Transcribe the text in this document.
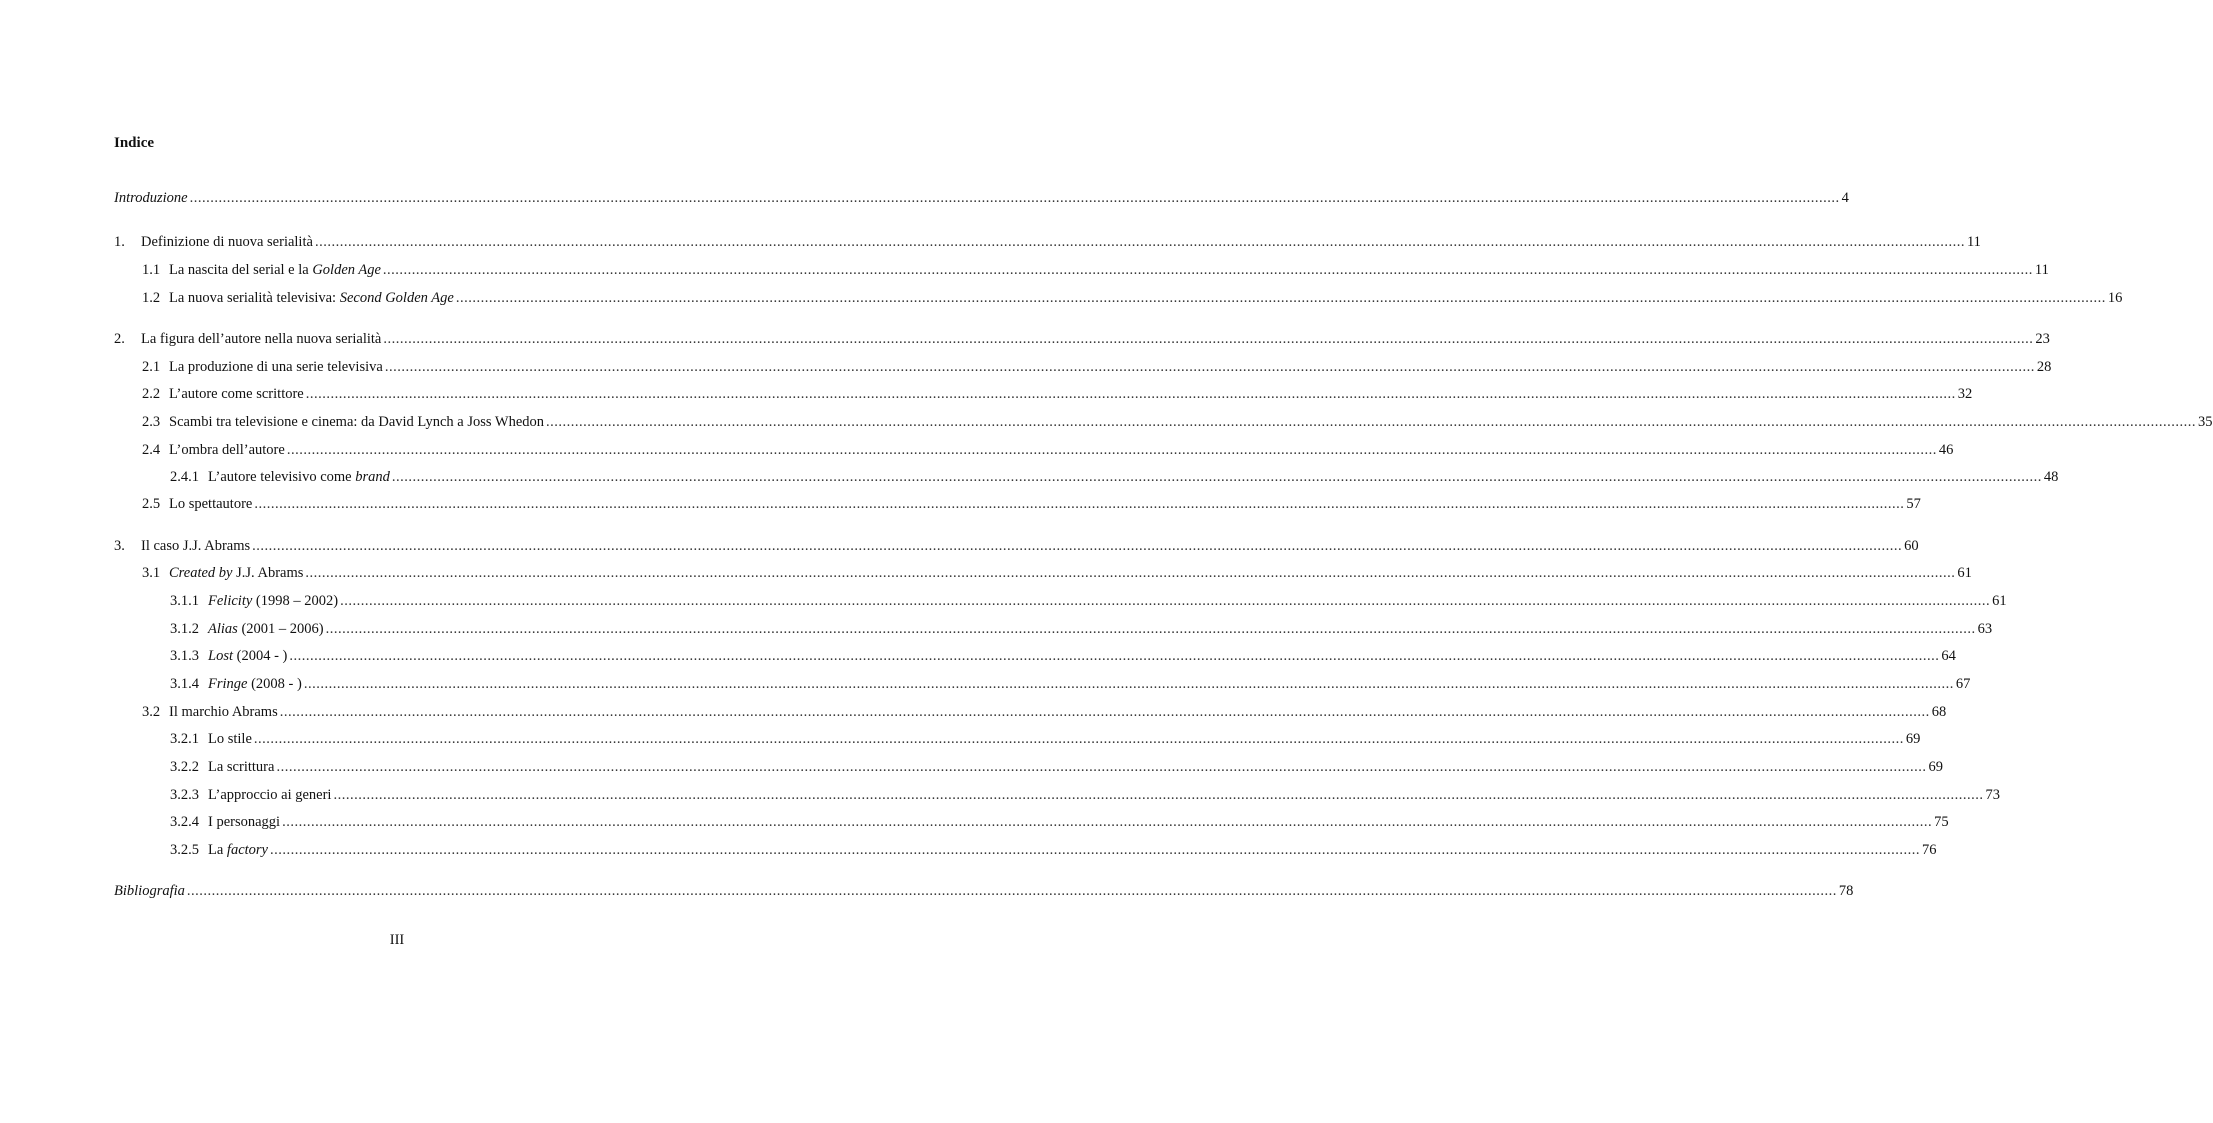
Indice
Introduzione ................................................................................................................................................................................................................................................................................................................................................................................................................ 4
1.	Definizione di nuova serialità ................................................................................................................................................................................................................................................................................................................................................................................................................ 11
1.1 La nascita del serial e la Golden Age ................................................................................................................................................................................................................................................................................................................................................................................................................ 11
1.2 La nuova serialità televisiva: Second Golden Age ................................................................................................................................................................................................................................................................................................................................................................................................................ 16
2.	La figura dell’autore nella nuova serialità ................................................................................................................................................................................................................................................................................................................................................................................................................ 23
2.1 La produzione di una serie televisiva ................................................................................................................................................................................................................................................................................................................................................................................................................ 28
2.2 L’autore come scrittore ................................................................................................................................................................................................................................................................................................................................................................................................................ 32
2.3 Scambi tra televisione e cinema: da David Lynch a Joss Whedon ................................................................................................................................................................................................................................................................................................................................................................................................................ 35
2.4 L’ombra dell’autore ................................................................................................................................................................................................................................................................................................................................................................................................................ 46
2.4.1 L’autore televisivo come brand ................................................................................................................................................................................................................................................................................................................................................................................................................ 48
2.5 Lo spettautore ................................................................................................................................................................................................................................................................................................................................................................................................................ 57
3.	Il caso J.J. Abrams ................................................................................................................................................................................................................................................................................................................................................................................................................ 60
3.1 Created by J.J. Abrams ................................................................................................................................................................................................................................................................................................................................................................................................................ 61
3.1.1 Felicity (1998 – 2002) ................................................................................................................................................................................................................................................................................................................................................................................................................ 61
3.1.2 Alias (2001 – 2006) ................................................................................................................................................................................................................................................................................................................................................................................................................ 63
3.1.3 Lost (2004 - ) ................................................................................................................................................................................................................................................................................................................................................................................................................ 64
3.1.4 Fringe (2008 - ) ................................................................................................................................................................................................................................................................................................................................................................................................................ 67
3.2 Il marchio Abrams ................................................................................................................................................................................................................................................................................................................................................................................................................ 68
3.2.1 Lo stile ................................................................................................................................................................................................................................................................................................................................................................................................................ 69
3.2.2 La scrittura ................................................................................................................................................................................................................................................................................................................................................................................................................ 69
3.2.3 L’approccio ai generi ................................................................................................................................................................................................................................................................................................................................................................................................................ 73
3.2.4 I personaggi ................................................................................................................................................................................................................................................................................................................................................................................................................ 75
3.2.5 La factory ................................................................................................................................................................................................................................................................................................................................................................................................................ 76
Bibliografia ................................................................................................................................................................................................................................................................................................................................................................................................................ 78
III
